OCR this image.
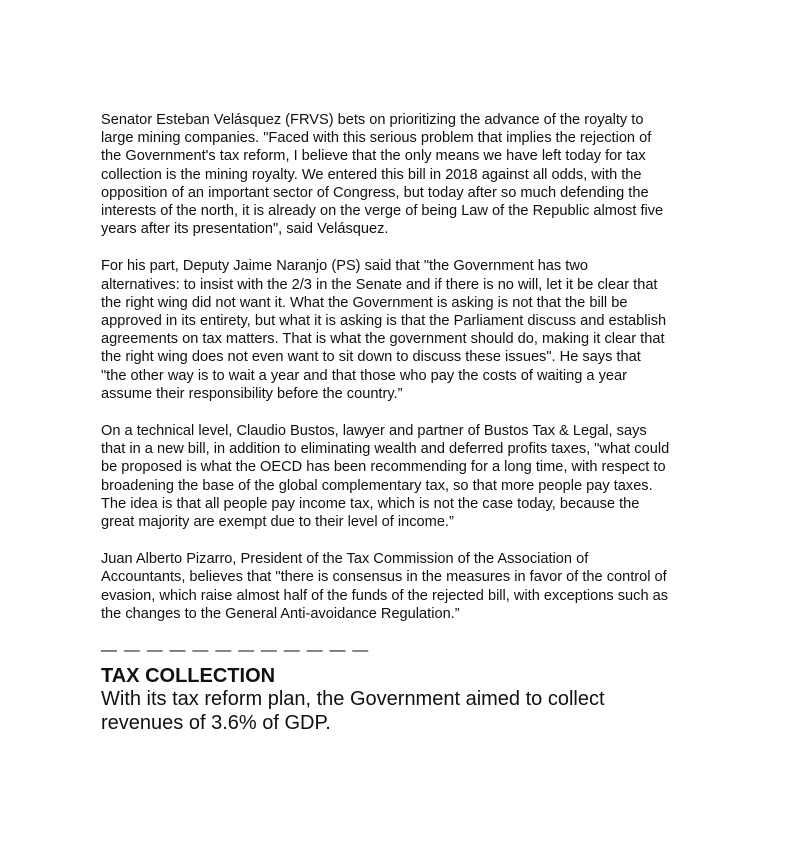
Senator Esteban Velásquez (FRVS) bets on prioritizing the advance of the royalty to
large mining companies. "Faced with this serious problem that implies the rejection of
the Government's tax reform, I believe that the only means we have left today for tax
collection is the mining royalty. We entered this bill in 2018 against all odds, with the
opposition of an important sector of Congress, but today after so much defending the
interests of the north, it is already on the verge of being Law of the Republic almost five
years after its presentation", said Velásquez.

For his part, Deputy Jaime Naranjo (PS) said that "the Government has two
alternatives: to insist with the 2/3 in the Senate and if there is no will, let it be clear that
the right wing did not want it. What the Government is asking is not that the bill be
approved in its entirety, but what it is asking is that the Parliament discuss and establish
agreements on tax matters. That is what the government should do, making it clear that
the right wing does not even want to sit down to discuss these issues". He says that
"the other way is to wait a year and that those who pay the costs of waiting a year
assume their responsibility before the country.”

On a technical level, Claudio Bustos, lawyer and partner of Bustos Tax & Legal, says
that in a new bill, in addition to eliminating wealth and deferred profits taxes, "what could
be proposed is what the OECD has been recommending for a long time, with respect to
broadening the base of the global complementary tax, so that more people pay taxes.
The idea is that all people pay income tax, which is not the case today, because the
great majority are exempt due to their level of income.”

Juan Alberto Pizarro, President of the Tax Commission of the Association of
Accountants, believes that "there is consensus in the measures in favor of the control of
evasion, which raise almost half of the funds of the rejected bill, with exceptions such as
the changes to the General Anti-avoidance Regulation.”

— — — — — — — — — — — —
TAX COLLECTION

With its tax reform plan, the Government aimed to collect
revenues of 3.6% of GDP.
